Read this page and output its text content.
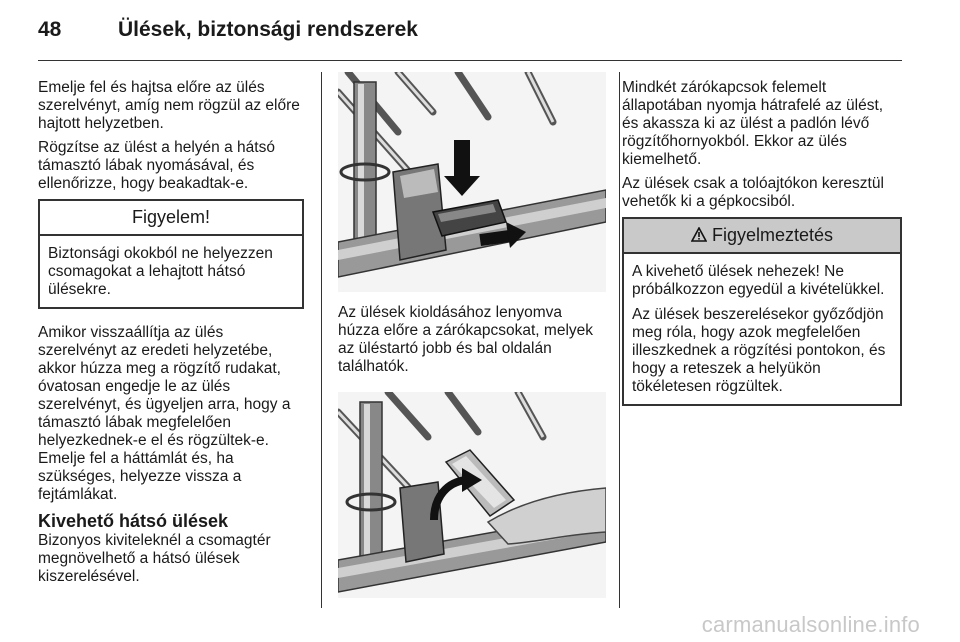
48	Ülések, biztonsági rendszerek

Emelje fel és hajtsa előre az ülés szerelvényt, amíg nem rögzül az előre hajtott helyzetben.

Rögzítse az ülést a helyén a hátsó támasztó lábak nyomásával, és ellenőrizze, hogy beakadtak-e.

Figyelem!

Biztonsági okokból ne helyezzen csomagokat a lehajtott hátsó ülésekre.

Amikor visszaállítja az ülés szerelvényt az eredeti helyzetébe, akkor húzza meg a rögzítő rudakat, óvatosan engedje le az ülés szerelvényt, és ügyeljen arra, hogy a támasztó lábak megfelelően helyezkednek-e el és rögzültek-e. Emelje fel a háttámlát és, ha szükséges, helyezze vissza a fejtámlákat.

Kivehető hátsó ülések

Bizonyos kiviteleknél a csomagtér megnövelhető a hátsó ülések kiszerelésével.

Az ülések kioldásához lenyomva húzza előre a zárókapcsokat, melyek az üléstartó jobb és bal oldalán találhatók.

Mindkét zárókapcsok felemelt állapotában nyomja hátrafelé az ülést, és akassza ki az ülést a padlón lévő rögzítőhornyokból. Ekkor az ülés kiemelhető.

Az ülések csak a tolóajtókon keresztül vehetők ki a gépkocsiból.

Figyelmeztetés

A kivehető ülések nehezek! Ne próbálkozzon egyedül a kivételükkel.

Az ülések beszerelésekor győződjön meg róla, hogy azok megfelelően illeszkednek a rögzítési pontokon, és hogy a reteszek a helyükön tökéletesen rögzültek.

carmanualsonline.info
